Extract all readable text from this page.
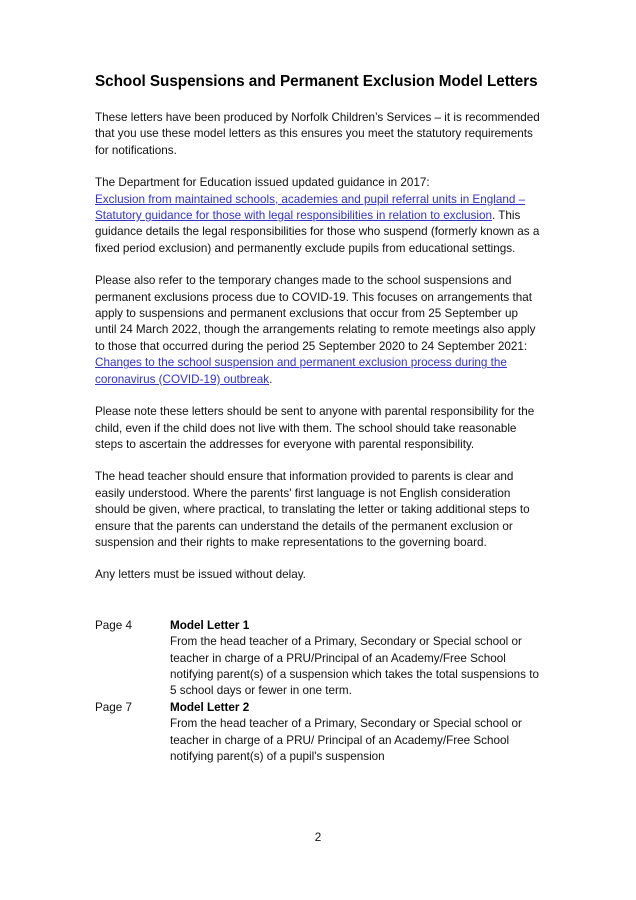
School Suspensions and Permanent Exclusion Model Letters

These letters have been produced by Norfolk Children’s Services – it is recommended that you use these model letters as this ensures you meet the statutory requirements for notifications.

The Department for Education issued updated guidance in 2017:
Exclusion from maintained schools, academies and pupil referral units in England – Statutory guidance for those with legal responsibilities in relation to exclusion. This guidance details the legal responsibilities for those who suspend (formerly known as a fixed period exclusion) and permanently exclude pupils from educational settings.

Please also refer to the temporary changes made to the school suspensions and permanent exclusions process due to COVID-19. This focuses on arrangements that apply to suspensions and permanent exclusions that occur from 25 September up until 24 March 2022, though the arrangements relating to remote meetings also apply to those that occurred during the period 25 September 2020 to 24 September 2021: Changes to the school suspension and permanent exclusion process during the coronavirus (COVID-19) outbreak.

Please note these letters should be sent to anyone with parental responsibility for the child, even if the child does not live with them. The school should take reasonable steps to ascertain the addresses for everyone with parental responsibility.

The head teacher should ensure that information provided to parents is clear and easily understood. Where the parents' first language is not English consideration should be given, where practical, to translating the letter or taking additional steps to ensure that the parents can understand the details of the permanent exclusion or suspension and their rights to make representations to the governing board.

Any letters must be issued without delay.

Page 4	Model Letter 1
From the head teacher of a Primary, Secondary or Special school or teacher in charge of a PRU/Principal of an Academy/Free School notifying parent(s) of a suspension which takes the total suspensions to 5 school days or fewer in one term.
Page 7	Model Letter 2
From the head teacher of a Primary, Secondary or Special school or teacher in charge of a PRU/ Principal of an Academy/Free School notifying parent(s) of a pupil's suspension
2
